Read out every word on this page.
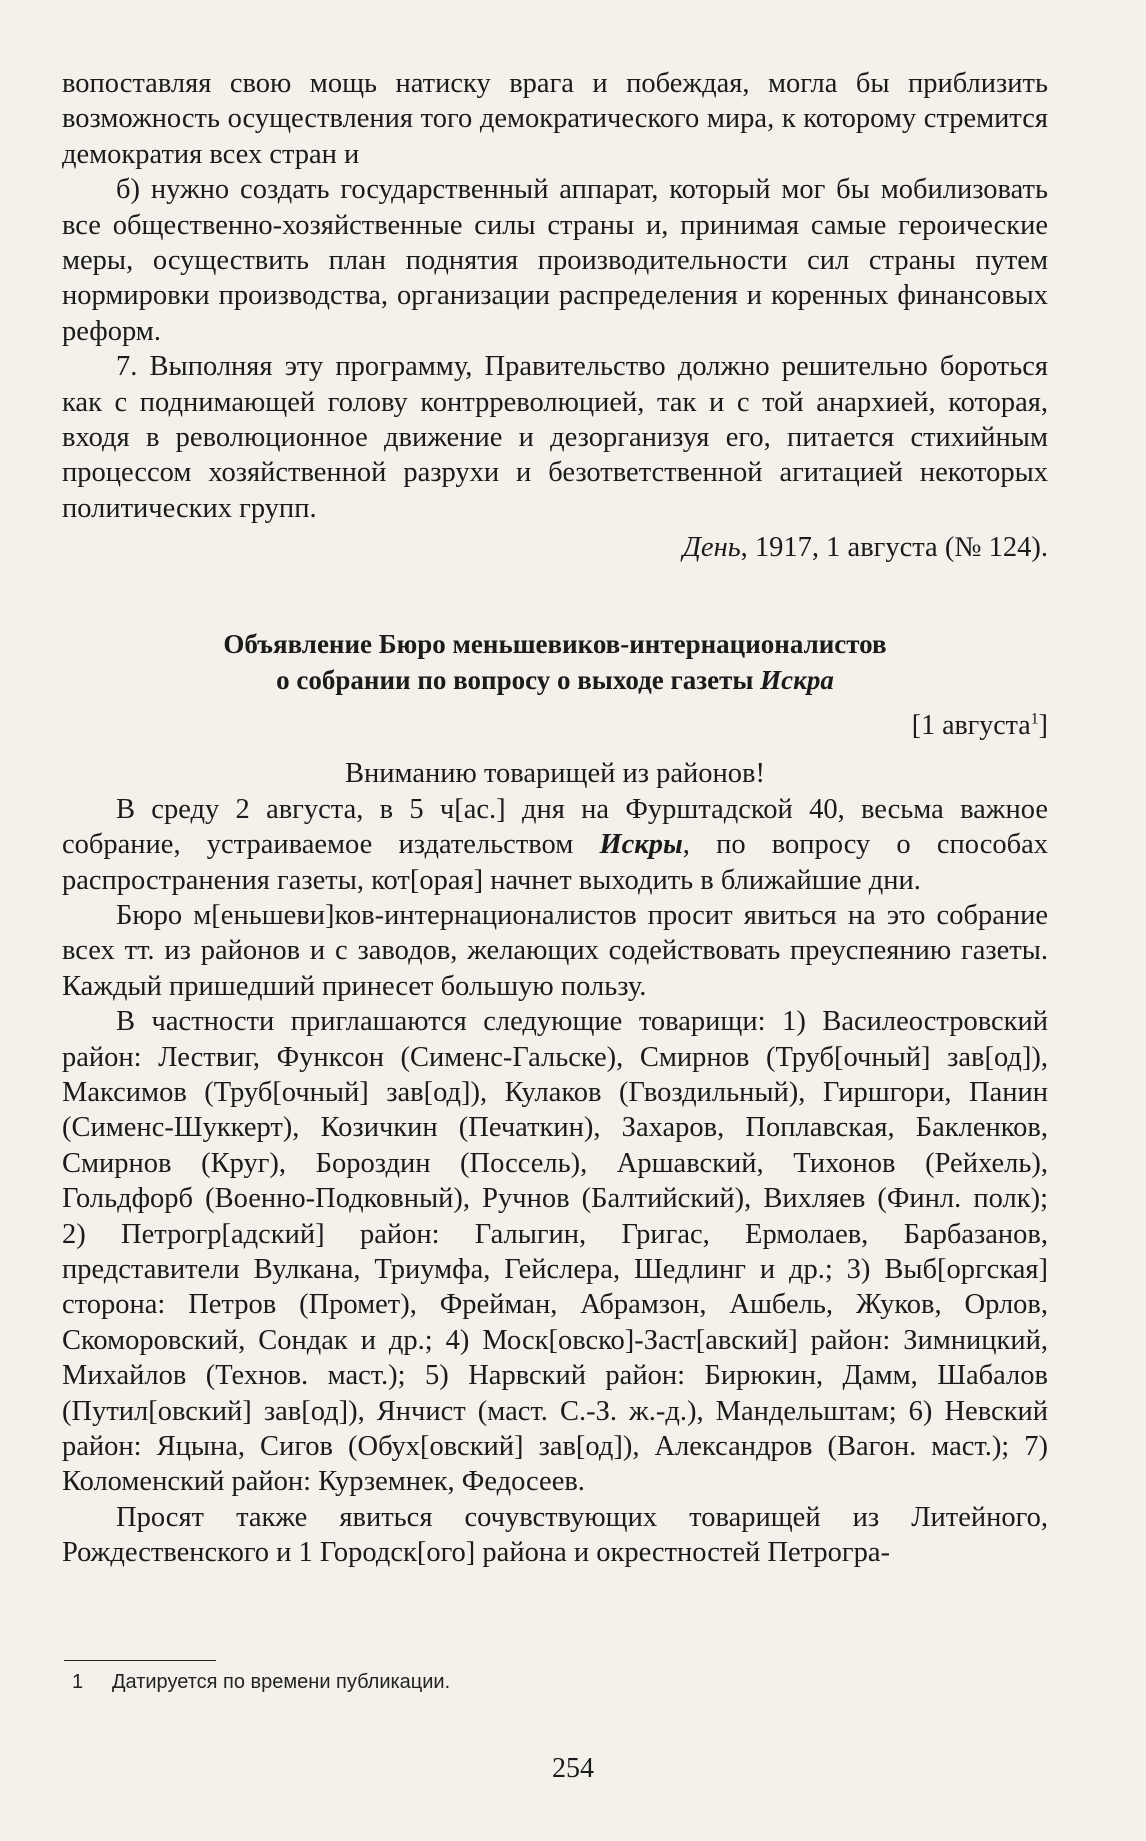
вопоставляя свою мощь натиску врага и побеждая, могла бы приблизить возможность осуществления того демократического мира, к которому стремится демократия всех стран и

б) нужно создать государственный аппарат, который мог бы мобилизовать все общественно-хозяйственные силы страны и, принимая самые героические меры, осуществить план поднятия производительности сил страны путем нормировки производства, организации распределения и коренных финансовых реформ.

7. Выполняя эту программу, Правительство должно решительно бороться как с поднимающей голову контрреволюцией, так и с той анархией, которая, входя в революционное движение и дезорганизуя его, питается стихийным процессом хозяйственной разрухи и безответственной агитацией некоторых политических групп.

День, 1917, 1 августа (№ 124).
Объявление Бюро меньшевиков-интернационалистов
о собрании по вопросу о выходе газеты Искра
[1 августа$^1$]
Вниманию товарищей из районов!

В среду 2 августа, в 5 ч[ас.] дня на Фурштадской 40, весьма важное собрание, устраиваемое издательством Искры, по вопросу о способах распространения газеты, кот[орая] начнет выходить в ближайшие дни.

Бюро м[еньшеви]ков-интернационалистов просит явиться на это собрание всех тт. из районов и с заводов, желающих содействовать преуспеянию газеты. Каждый пришедший принесет большую пользу.

В частности приглашаются следующие товарищи: 1) Василеостровский район: Лествиг, Функсон (Сименс-Гальске), Смирнов (Труб[очный] зав[од]), Максимов (Труб[очный] зав[од]), Кулаков (Гвоздильный), Гиршгори, Панин (Сименс-Шуккерт), Козичкин (Печаткин), Захаров, Поплавская, Бакленков, Смирнов (Круг), Бороздин (Поссель), Аршавский, Тихонов (Рейхель), Гольдфорб (Военно-Подковный), Ручнов (Балтийский), Вихляев (Финл. полк); 2) Петрогр[адский] район: Галыгин, Григас, Ермолаев, Барбазанов, представители Вулкана, Триумфа, Гейслера, Шедлинг и др.; 3) Выб[оргская] сторона: Петров (Промет), Фрейман, Абрамзон, Ашбель, Жуков, Орлов, Скоморовский, Сондак и др.; 4) Моск[овско]-Заст[авский] район: Зимницкий, Михайлов (Технов. маст.); 5) Нарвский район: Бирюкин, Дамм, Шабалов (Путил[овский] зав[од]), Янчист (маст. С.-З. ж.-д.), Мандельштам; 6) Невский район: Яцына, Сигов (Обух[овский] зав[од]), Александров (Вагон. маст.); 7) Коломенский район: Курземнек, Федосеев.

Просят также явиться сочувствующих товарищей из Литейного, Рождественского и 1 Городск[ого] района и окрестностей Петрогра-

1 Датируется по времени публикации.
254
